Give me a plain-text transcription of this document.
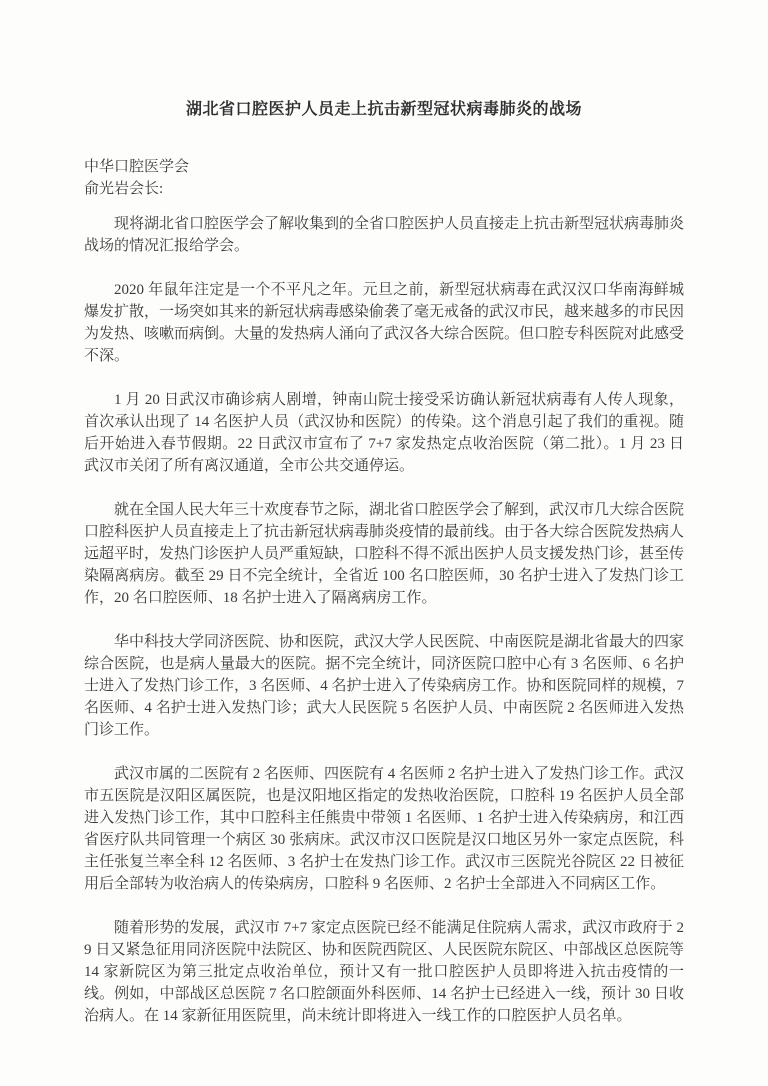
湖北省口腔医护人员走上抗击新型冠状病毒肺炎的战场

中华口腔医学会

俞光岩会长:

现将湖北省口腔医学会了解收集到的全省口腔医护人员直接走上抗击新型冠状病毒肺炎战场的情况汇报给学会。

2020 年鼠年注定是一个不平凡之年。元旦之前，新型冠状病毒在武汉汉口华南海鲜城爆发扩散，一场突如其来的新冠状病毒感染偷袭了毫无戒备的武汉市民，越来越多的市民因为发热、咳嗽而病倒。大量的发热病人涌向了武汉各大综合医院。但口腔专科医院对此感受不深。

1 月 20 日武汉市确诊病人剧增，钟南山院士接受采访确认新冠状病毒有人传人现象，首次承认出现了 14 名医护人员（武汉协和医院）的传染。这个消息引起了我们的重视。随后开始进入春节假期。22 日武汉市宣布了 7+7 家发热定点收治医院（第二批）。1 月 23 日武汉市关闭了所有离汉通道，全市公共交通停运。

就在全国人民大年三十欢度春节之际，湖北省口腔医学会了解到，武汉市几大综合医院口腔科医护人员直接走上了抗击新冠状病毒肺炎疫情的最前线。由于各大综合医院发热病人远超平时，发热门诊医护人员严重短缺，口腔科不得不派出医护人员支援发热门诊，甚至传染隔离病房。截至 29 日不完全统计，全省近 100 名口腔医师，30 名护士进入了发热门诊工作，20 名口腔医师、18 名护士进入了隔离病房工作。

华中科技大学同济医院、协和医院，武汉大学人民医院、中南医院是湖北省最大的四家综合医院，也是病人量最大的医院。据不完全统计，同济医院口腔中心有 3 名医师、6 名护士进入了发热门诊工作，3 名医师、4 名护士进入了传染病房工作。协和医院同样的规模，7 名医师、4 名护士进入发热门诊；武大人民医院 5 名医护人员、中南医院 2 名医师进入发热门诊工作。

武汉市属的二医院有 2 名医师、四医院有 4 名医师 2 名护士进入了发热门诊工作。武汉市五医院是汉阳区属医院，也是汉阳地区指定的发热收治医院，口腔科 19 名医护人员全部进入发热门诊工作，其中口腔科主任熊贵中带领 1 名医师、1 名护士进入传染病房，和江西省医疗队共同管理一个病区 30 张病床。武汉市汉口医院是汉口地区另外一家定点医院，科主任张复兰率全科 12 名医师、3 名护士在发热门诊工作。武汉市三医院光谷院区 22 日被征用后全部转为收治病人的传染病房，口腔科 9 名医师、2 名护士全部进入不同病区工作。

随着形势的发展，武汉市 7+7 家定点医院已经不能满足住院病人需求，武汉市政府于 29 日又紧急征用同济医院中法院区、协和医院西院区、人民医院东院区、中部战区总医院等 14 家新院区为第三批定点收治单位，预计又有一批口腔医护人员即将进入抗击疫情的一线。例如，中部战区总医院 7 名口腔颌面外科医师、14 名护士已经进入一线，预计 30 日收治病人。在 14 家新征用医院里，尚未统计即将进入一线工作的口腔医护人员名单。
